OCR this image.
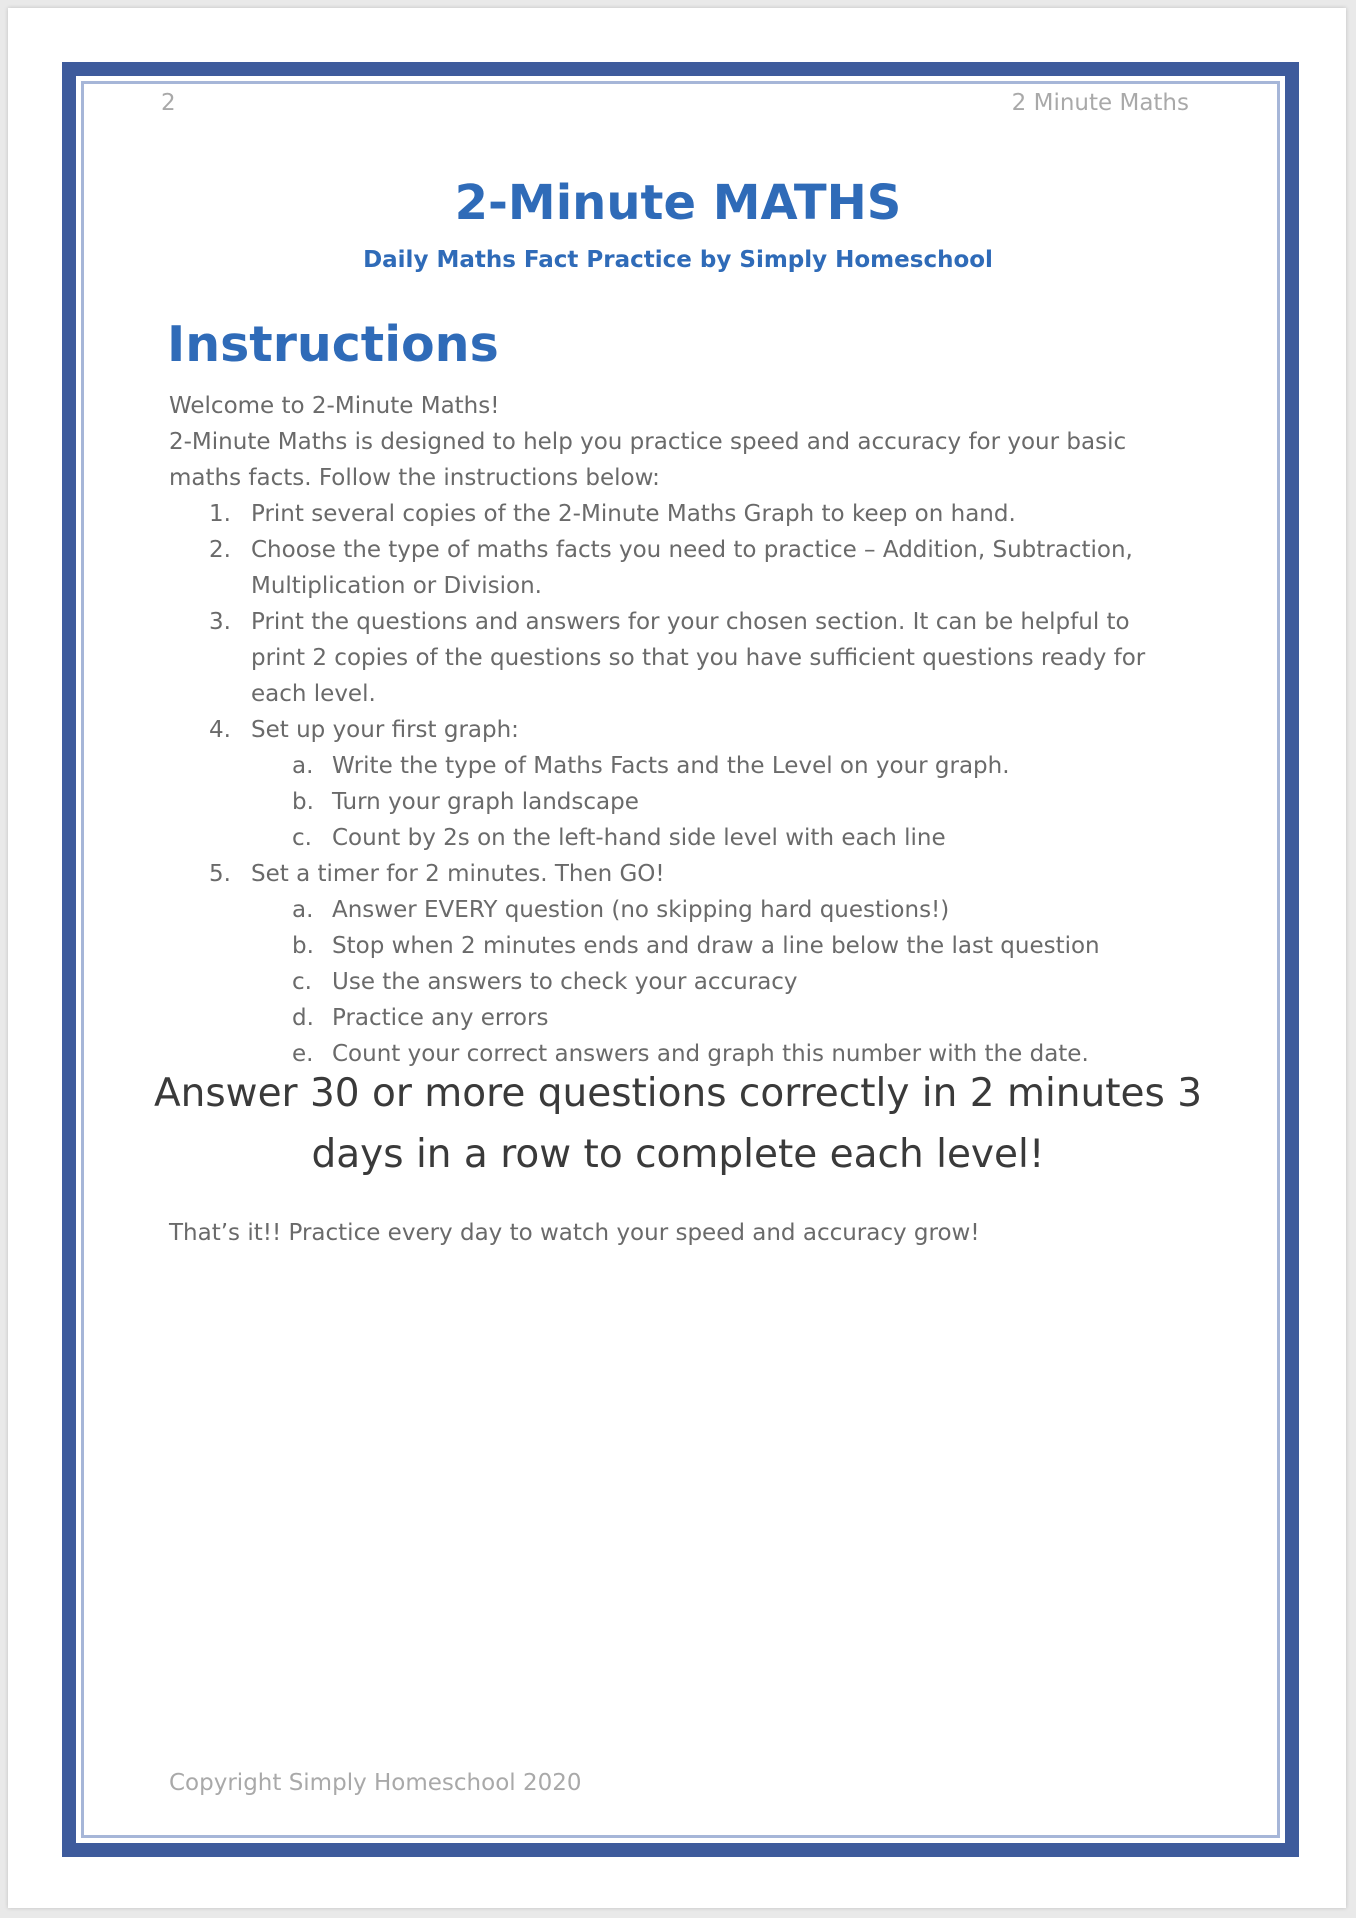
2	2 Minute Maths
2-Minute MATHS
Daily Maths Fact Practice by Simply Homeschool
Instructions

Welcome to 2-Minute Maths!

2-Minute Maths is designed to help you practice speed and accuracy for your basic maths facts. Follow the instructions below:

1. Print several copies of the 2-Minute Maths Graph to keep on hand.
2. Choose the type of maths facts you need to practice – Addition, Subtraction, Multiplication or Division.
3. Print the questions and answers for your chosen section. It can be helpful to print 2 copies of the questions so that you have sufficient questions ready for each level.
4. Set up your first graph:
a. Write the type of Maths Facts and the Level on your graph.
b. Turn your graph landscape
c. Count by 2s on the left-hand side level with each line
5. Set a timer for 2 minutes. Then GO!
a. Answer EVERY question (no skipping hard questions!)
b. Stop when 2 minutes ends and draw a line below the last question
c. Use the answers to check your accuracy
d. Practice any errors
e. Count your correct answers and graph this number with the date.
Answer 30 or more questions correctly in 2 minutes 3 days in a row to complete each level!
That’s it!! Practice every day to watch your speed and accuracy grow!
Copyright Simply Homeschool 2020
